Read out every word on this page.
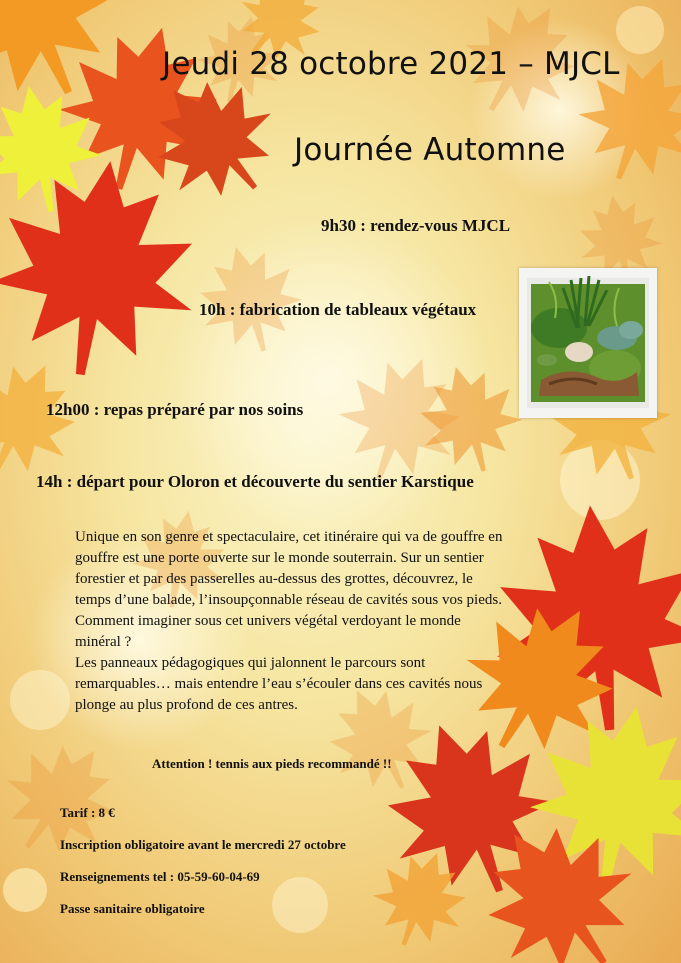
Jeudi 28 octobre 2021 – MJCL
Journée Automne
9h30 : rendez-vous MJCL
10h : fabrication de tableaux végétaux
12h00 : repas préparé par nos soins
14h : départ pour Oloron et découverte du sentier Karstique

Unique en son genre et spectaculaire, cet itinéraire qui va de gouffre en gouffre est une porte ouverte sur le monde souterrain. Sur un sentier forestier et par des passerelles au-dessus des grottes, découvrez, le temps d’une balade, l’insoupçonnable réseau de cavités sous vos pieds.

Comment imaginer sous cet univers végétal verdoyant le monde minéral ?

Les panneaux pédagogiques qui jalonnent le parcours sont remarquables… mais entendre l’eau s’écouler dans ces cavités nous plonge au plus profond de ces antres.

Attention ! tennis aux pieds recommandé !!
Tarif : 8 €
Inscription obligatoire avant le mercredi 27 octobre
Renseignements tel : 05-59-60-04-69
Passe sanitaire obligatoire
